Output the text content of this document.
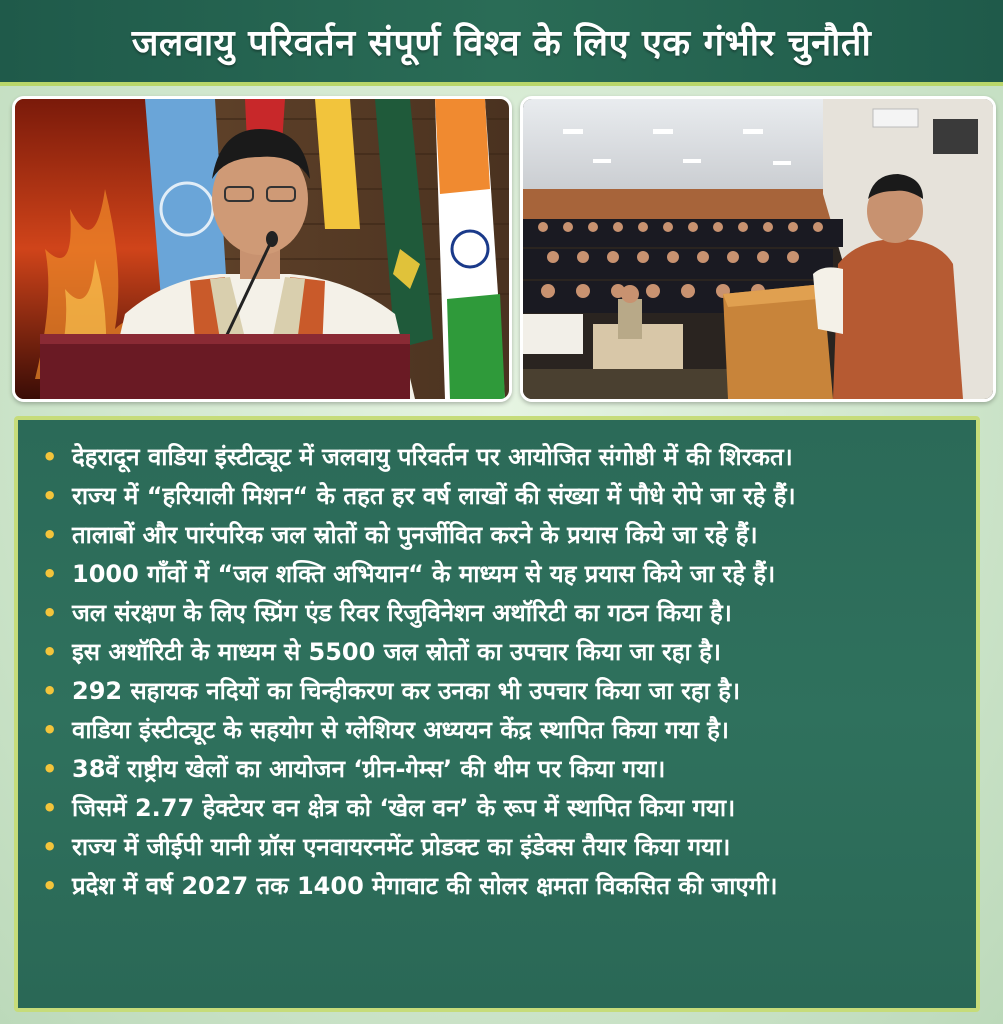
जलवायु परिवर्तन संपूर्ण विश्व के लिए एक गंभीर चुनौती
• देहरादून वाडिया इंस्टीट्यूट में जलवायु परिवर्तन पर आयोजित संगोष्ठी में की शिरकत।
• राज्य में “हरियाली मिशन“ के तहत हर वर्ष लाखों की संख्या में पौधे रोपे जा रहे हैं।
• तालाबों और पारंपरिक जल स्रोतों को पुनर्जीवित करने के प्रयास किये जा रहे हैं।
• 1000 गाँवों में “जल शक्ति अभियान“ के माध्यम से यह प्रयास किये जा रहे हैं।
• जल संरक्षण के लिए स्प्रिंग एंड रिवर रिजुविनेशन अथॉरिटी का गठन किया है।
• इस अथॉरिटी के माध्यम से 5500 जल स्रोतों का उपचार किया जा रहा है।
• 292 सहायक नदियों का चिन्हीकरण कर उनका भी उपचार किया जा रहा है।
• वाडिया इंस्टीट्यूट के सहयोग से ग्लेशियर अध्ययन केंद्र स्थापित किया गया है।
• 38वें राष्ट्रीय खेलों का आयोजन ‘ग्रीन-गेम्स’ की थीम पर किया गया।
• जिसमें 2.77 हेक्टेयर वन क्षेत्र को ‘खेल वन’ के रूप में स्थापित किया गया।
• राज्य में जीईपी यानी ग्रॉस एनवायरनमेंट प्रोडक्ट का इंडेक्स तैयार किया गया।
• प्रदेश में वर्ष 2027 तक 1400 मेगावाट की सोलर क्षमता विकसित की जाएगी।
